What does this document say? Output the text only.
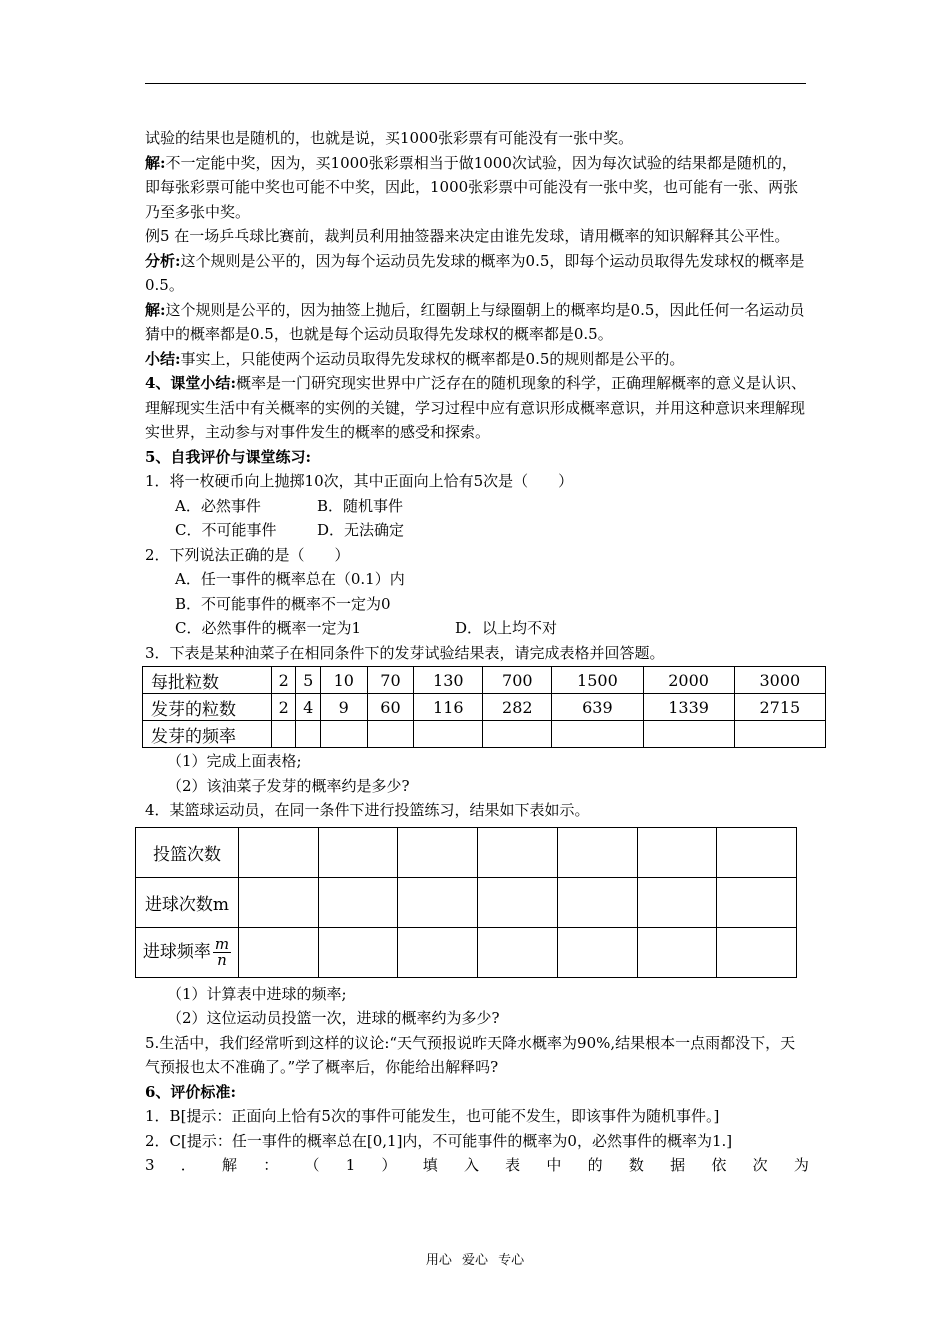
试验的结果也是随机的，也就是说，买1000张彩票有可能没有一张中奖。

解:不一定能中奖，因为，买1000张彩票相当于做1000次试验，因为每次试验的结果都是随机的，即每张彩票可能中奖也可能不中奖，因此，1000张彩票中可能没有一张中奖，也可能有一张、两张乃至多张中奖。

例5 在一场乒乓球比赛前，裁判员利用抽签器来决定由谁先发球，请用概率的知识解释其公平性。

分析:这个规则是公平的，因为每个运动员先发球的概率为0.5，即每个运动员取得先发球权的概率是0.5。

解:这个规则是公平的，因为抽签上抛后，红圈朝上与绿圈朝上的概率均是0.5，因此任何一名运动员猜中的概率都是0.5，也就是每个运动员取得先发球权的概率都是0.5。

小结:事实上，只能使两个运动员取得先发球权的概率都是0.5的规则都是公平的。

4、课堂小结:概率是一门研究现实世界中广泛存在的随机现象的科学，正确理解概率的意义是认识、理解现实生活中有关概率的实例的关键，学习过程中应有意识形成概率意识，并用这种意识来理解现实世界，主动参与对事件发生的概率的感受和探索。

5、自我评价与课堂练习:

1．将一枚硬币向上抛掷10次，其中正面向上恰有5次是（　　）

A．必然事件	B．随机事件

C．不可能事件	D．无法确定

2．下列说法正确的是（　　）

A．任一事件的概率总在（0.1）内

B．不可能事件的概率不一定为0

C．必然事件的概率一定为1	D．以上均不对

3．下表是某种油菜子在相同条件下的发芽试验结果表，请完成表格并回答题。

每批粒数	2	5	10	70	130	700	1500	2000	3000
发芽的粒数	2	4	9	60	116	282	639	1339	2715
发芽的频率									

（1）完成上面表格;

（2）该油菜子发芽的概率约是多少?

4．某篮球运动员，在同一条件下进行投篮练习，结果如下表如示。

投篮次数							
进球次数m							
进球频率 $\frac{m}{n}$

（1）计算表中进球的频率;

（2）这位运动员投篮一次，进球的概率约为多少?

5.生活中，我们经常听到这样的议论:“天气预报说昨天降水概率为90%,结果根本一点雨都没下，天气预报也太不准确了。”学了概率后，你能给出解释吗?

6、评价标准:

1．B[提示：正面向上恰有5次的事件可能发生，也可能不发生，即该事件为随机事件。]

2．C[提示：任一事件的概率总在[0,1]内，不可能事件的概率为0，必然事件的概率为1.]

3 ． 解 ： （ 1 ） 填 入 表 中 的 数 据 依 次 为

用心 爱心 专心
